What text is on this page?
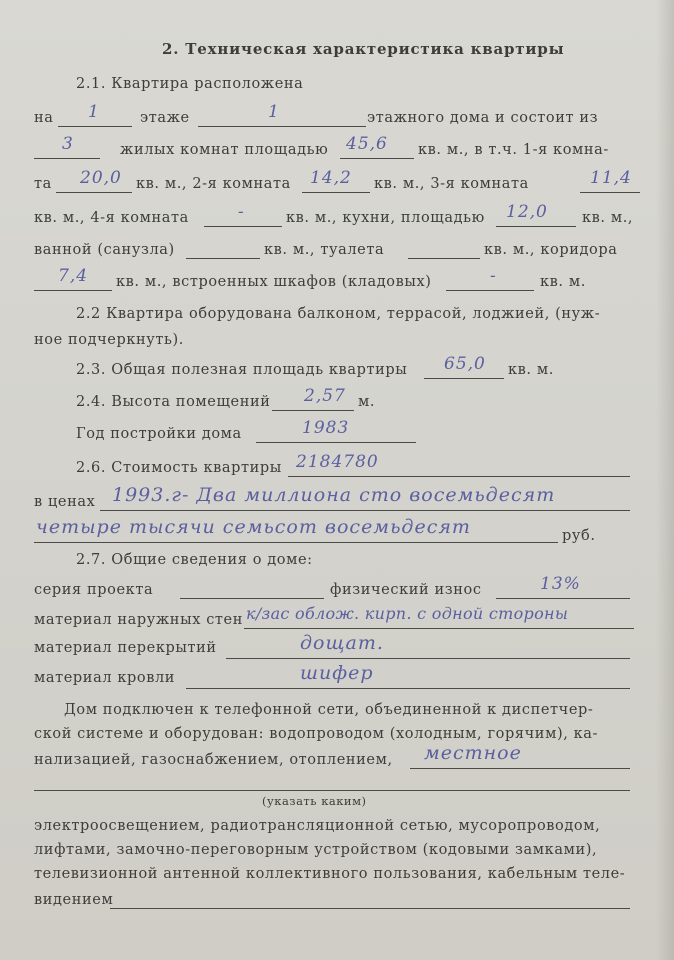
2. Техническая характеристика квартиры
2.1. Квартира расположена
на 1	этаже	1	этажного дома и состоит из
3	жилых комнат площадью 45,6 кв. м., в т.ч. 1-я комна-
та 20,0 кв. м., 2-я комната 14,2 кв. м., 3-я комната	11,4
кв. м., 4-я комната	-	кв. м., кухни, площадью 12,0 кв. м.,
ванной (санузла)	кв. м., туалета	кв. м., коридора
7,4 кв. м., встроенных шкафов (кладовых)	-	кв. м.
2.2 Квартира оборудована балконом, террасой, лоджией, (нуж-
ное подчеркнуть).
2.3. Общая полезная площадь квартиры 65,0 кв. м.
2.4. Высота помещений 2,57 м.
Год постройки дома	1983
2.6. Стоимость квартиры 2184780
в ценах 1993.г- Два миллиона сто восемьдесят
четыре тысячи семьсот восемьдесят	руб.
2.7. Общие сведения о доме:
серия проекта	физический износ	13%
материал наружных стен к/зас облож. кирп. с одной стороны
материал перекрытий	дощат.
материал кровли	шифер
Дом подключен к телефонной сети, объединенной к диспетчер-
ской системе и оборудован: водопроводом (холодным, горячим), ка-
нализацией, газоснабжением, отоплением, местное
(указать каким)
электроосвещением, радиотрансляционной сетью, мусоропроводом,
лифтами, замочно-переговорным устройством (кодовыми замками),
телевизионной антенной коллективного пользования, кабельным теле-
видением
